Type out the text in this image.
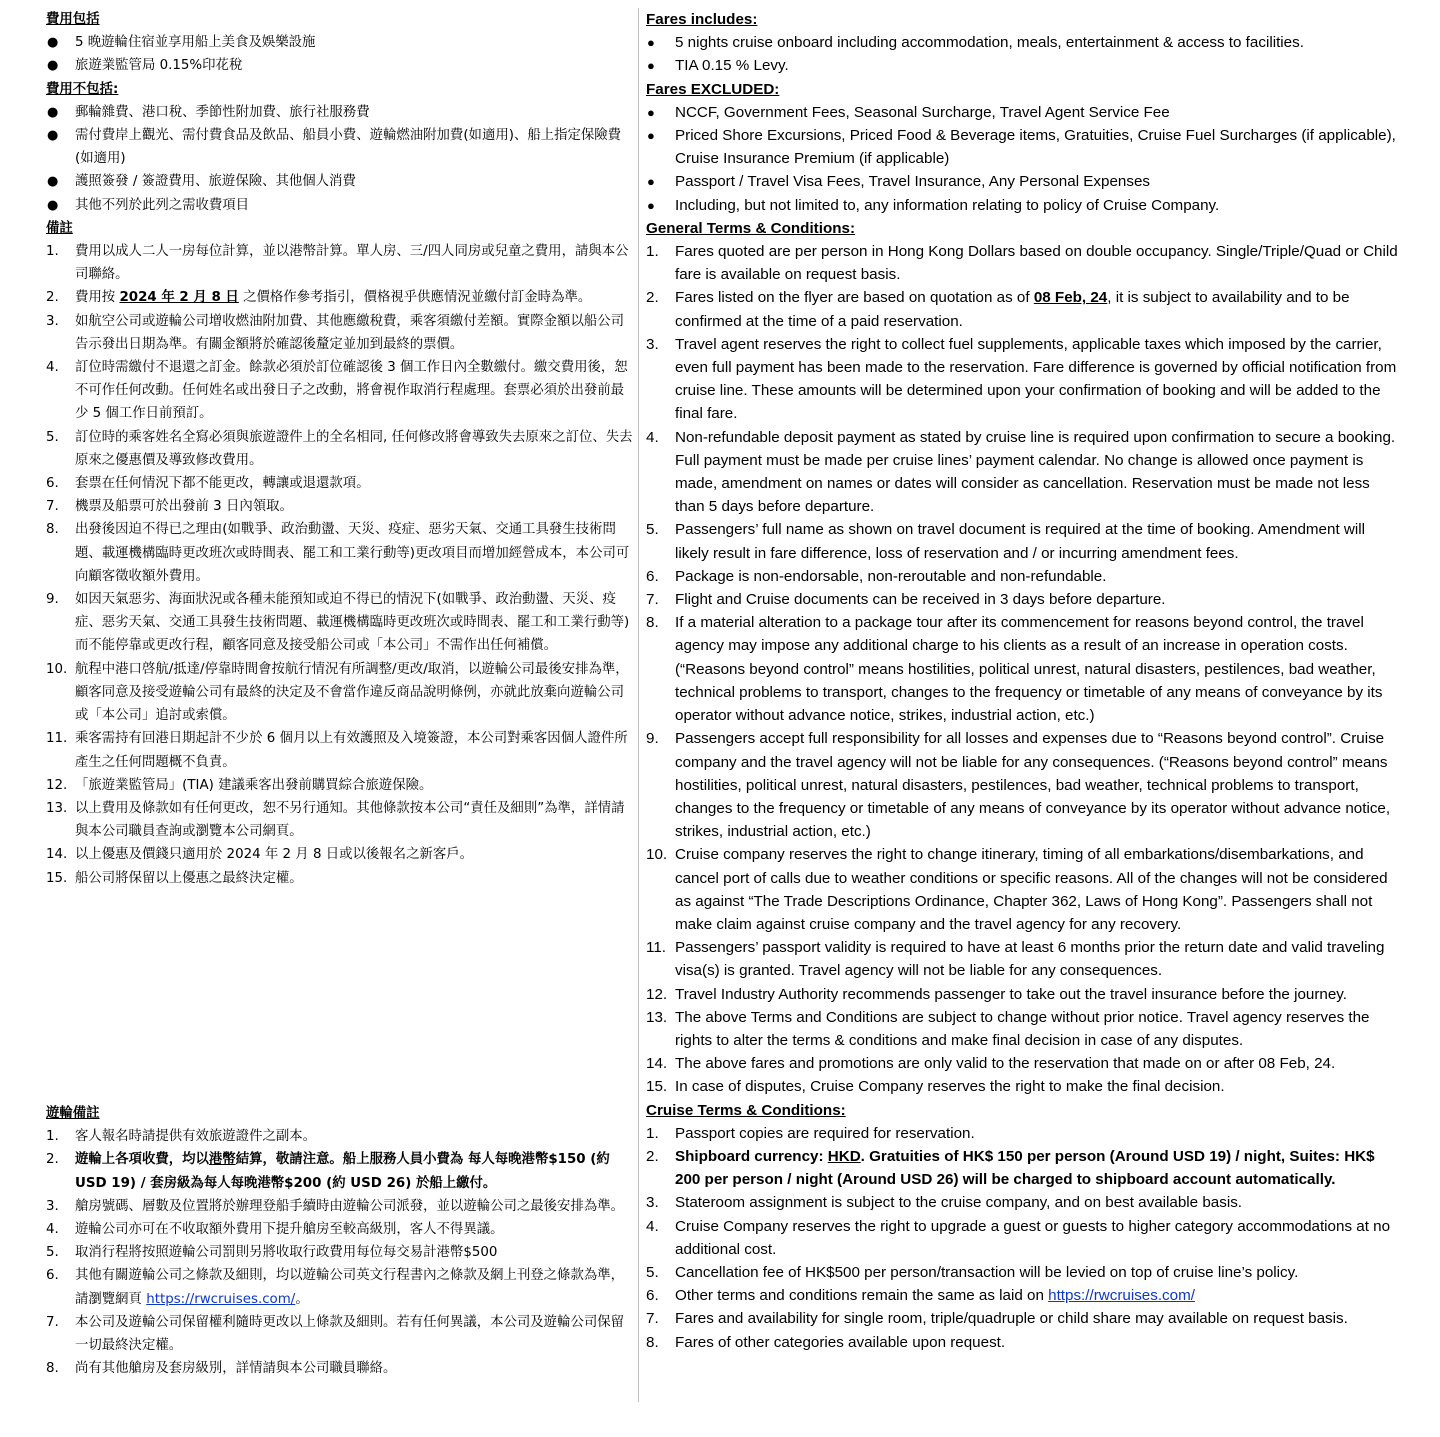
費用包括

● 5 晚遊輪住宿並享用船上美食及娛樂設施
● 旅遊業監管局 0.15%印花稅

費用不包括:

● 郵輪雜費、港口稅、季節性附加費、旅行社服務費
● 需付費岸上觀光、需付費食品及飲品、船員小費、遊輪燃油附加費(如適用)、船上指定保險費(如適用)
● 護照簽發 / 簽證費用、旅遊保險、其他個人消費
● 其他不列於此列之需收費項目

備註

1. 費用以成人二人一房每位計算，並以港幣計算。單人房、三/四人同房或兒童之費用，請與本公司聯絡。
2. 費用按 2024 年 2 月 8 日 之價格作參考指引，價格視乎供應情況並繳付訂金時為準。
3. 如航空公司或遊輪公司增收燃油附加費、其他應繳稅費，乘客須繳付差額。實際金額以船公司告示發出日期為準。有關金額將於確認後釐定並加到最終的票價。
4. 訂位時需繳付不退還之訂金。餘款必須於訂位確認後 3 個工作日內全數繳付。繳交費用後，恕不可作任何改動。任何姓名或出發日子之改動，將會視作取消行程處理。套票必須於出發前最少 5 個工作日前預訂。
5. 訂位時的乘客姓名全寫必須與旅遊證件上的全名相同, 任何修改將會導致失去原來之訂位、失去原來之優惠價及導致修改費用。
6. 套票在任何情況下都不能更改，轉讓或退還款項。
7. 機票及船票可於出發前 3 日內領取。
8. 出發後因迫不得已之理由(如戰爭、政治動盪、天災、疫症、惡劣天氣、交通工具發生技術問題、載運機構臨時更改班次或時間表、罷工和工業行動等)更改項目而增加經營成本，本公司可向顧客徵收額外費用。
9. 如因天氣惡劣、海面狀況或各種未能預知或迫不得已的情況下(如戰爭、政治動盪、天災、疫症、惡劣天氣、交通工具發生技術問題、載運機構臨時更改班次或時間表、罷工和工業行動等)而不能停靠或更改行程，顧客同意及接受船公司或「本公司」不需作出任何補償。
10. 航程中港口啓航/抵達/停靠時間會按航行情況有所調整/更改/取消，以遊輪公司最後安排為準，顧客同意及接受遊輪公司有最終的決定及不會當作違反商品說明條例，亦就此放棄向遊輪公司或「本公司」追討或索償。
11. 乘客需持有回港日期起計不少於 6 個月以上有效護照及入境簽證，本公司對乘客因個人證件所產生之任何問題概不負責。
12. 「旅遊業監管局」(TIA) 建議乘客出發前購買綜合旅遊保險。
13. 以上費用及條款如有任何更改，恕不另行通知。其他條款按本公司“責任及細則”為準，詳情請與本公司職員查詢或瀏覽本公司網頁。
14. 以上優惠及價錢只適用於 2024 年 2 月 8 日或以後報名之新客戶。
15. 船公司將保留以上優惠之最終決定權。

遊輪備註

1. 客人報名時請提供有效旅遊證件之副本。
2. 遊輪上各項收費，均以港幣結算，敬請注意。船上服務人員小費為 每人每晚港幣$150 (約 USD 19) / 套房級為每人每晚港幣$200 (約 USD 26) 於船上繳付。
3. 艙房號碼、層數及位置將於辦理登船手續時由遊輪公司派發，並以遊輪公司之最後安排為準。
4. 遊輪公司亦可在不收取額外費用下提升艙房至較高級別，客人不得異議。
5. 取消行程將按照遊輪公司罰則另將收取行政費用每位每交易計港幣$500
6. 其他有關遊輪公司之條款及細則，均以遊輪公司英文行程書內之條款及網上刊登之條款為準，請瀏覽網頁 https://rwcruises.com/。
7. 本公司及遊輪公司保留權利隨時更改以上條款及細則。若有任何異議，本公司及遊輪公司保留一切最終決定權。
8. 尚有其他艙房及套房級別，詳情請與本公司職員聯絡。

Fares includes:

● 5 nights cruise onboard including accommodation, meals, entertainment & access to facilities.
● TIA 0.15 % Levy.

Fares EXCLUDED:

● NCCF, Government Fees, Seasonal Surcharge, Travel Agent Service Fee
● Priced Shore Excursions, Priced Food & Beverage items, Gratuities, Cruise Fuel Surcharges (if applicable), Cruise Insurance Premium (if applicable)
● Passport / Travel Visa Fees, Travel Insurance, Any Personal Expenses
● Including, but not limited to, any information relating to policy of Cruise Company.

General Terms & Conditions:

1. Fares quoted are per person in Hong Kong Dollars based on double occupancy. Single/Triple/Quad or Child fare is available on request basis.
2. Fares listed on the flyer are based on quotation as of 08 Feb, 24, it is subject to availability and to be confirmed at the time of a paid reservation.
3. Travel agent reserves the right to collect fuel supplements, applicable taxes which imposed by the carrier, even full payment has been made to the reservation. Fare difference is governed by official notification from cruise line. These amounts will be determined upon your confirmation of booking and will be added to the final fare.
4. Non-refundable deposit payment as stated by cruise line is required upon confirmation to secure a booking. Full payment must be made per cruise lines’ payment calendar. No change is allowed once payment is made, amendment on names or dates will consider as cancellation. Reservation must be made not less than 5 days before departure.
5. Passengers’ full name as shown on travel document is required at the time of booking. Amendment will likely result in fare difference, loss of reservation and / or incurring amendment fees.
6. Package is non-endorsable, non-reroutable and non-refundable.
7. Flight and Cruise documents can be received in 3 days before departure.
8. If a material alteration to a package tour after its commencement for reasons beyond control, the travel agency may impose any additional charge to his clients as a result of an increase in operation costs. (“Reasons beyond control” means hostilities, political unrest, natural disasters, pestilences, bad weather, technical problems to transport, changes to the frequency or timetable of any means of conveyance by its operator without advance notice, strikes, industrial action, etc.)
9. Passengers accept full responsibility for all losses and expenses due to “Reasons beyond control”. Cruise company and the travel agency will not be liable for any consequences. (“Reasons beyond control” means hostilities, political unrest, natural disasters, pestilences, bad weather, technical problems to transport, changes to the frequency or timetable of any means of conveyance by its operator without advance notice, strikes, industrial action, etc.)
10. Cruise company reserves the right to change itinerary, timing of all embarkations/disembarkations, and cancel port of calls due to weather conditions or specific reasons. All of the changes will not be considered as against “The Trade Descriptions Ordinance, Chapter 362, Laws of Hong Kong”. Passengers shall not make claim against cruise company and the travel agency for any recovery.
11. Passengers’ passport validity is required to have at least 6 months prior the return date and valid traveling visa(s) is granted. Travel agency will not be liable for any consequences.
12. Travel Industry Authority recommends passenger to take out the travel insurance before the journey.
13. The above Terms and Conditions are subject to change without prior notice. Travel agency reserves the rights to alter the terms & conditions and make final decision in case of any disputes.
14. The above fares and promotions are only valid to the reservation that made on or after 08 Feb, 24.
15. In case of disputes, Cruise Company reserves the right to make the final decision.

Cruise Terms & Conditions:

1. Passport copies are required for reservation.
2. Shipboard currency: HKD. Gratuities of HK$ 150 per person (Around USD 19) / night, Suites: HK$ 200 per person / night (Around USD 26) will be charged to shipboard account automatically.
3. Stateroom assignment is subject to the cruise company, and on best available basis.
4. Cruise Company reserves the right to upgrade a guest or guests to higher category accommodations at no additional cost.
5. Cancellation fee of HK$500 per person/transaction will be levied on top of cruise line’s policy.
6. Other terms and conditions remain the same as laid on https://rwcruises.com/
7. Fares and availability for single room, triple/quadruple or child share may available on request basis.
8. Fares of other categories available upon request.
